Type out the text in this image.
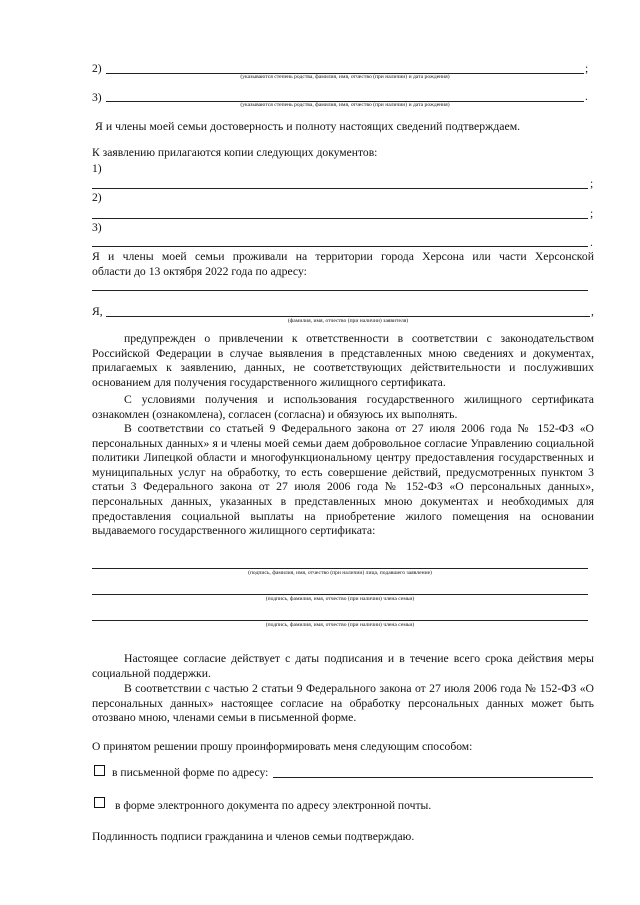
2)	;
(указываются степень родства, фамилия, имя, отчество (при наличии) и дата рождения)
3)	.
(указываются степень родства, фамилия, имя, отчество (при наличии) и дата рождения)
Я и члены моей семьи достоверность и полноту настоящих сведений подтверждаем.
К заявлению прилагаются копии следующих документов:
1)
;
2)
;
3)
.
Я и члены моей семьи проживали на территории города Херсона или части Херсонской
области до 13 октября 2022 года по адресу:
Я,	,
(фамилия, имя, отчество (при наличии) заявителя)
предупрежден о привлечении к ответственности в соответствии с законодательством Российской Федерации в случае выявления в представленных мною сведениях и документах, прилагаемых к заявлению, данных, не соответствующих действительности и послуживших основанием для получения государственного жилищного сертификата.
С условиями получения и использования государственного жилищного сертификата ознакомлен (ознакомлена), согласен (согласна) и обязуюсь их выполнять.
В соответствии со статьей 9 Федерального закона от 27 июля 2006 года № 152-ФЗ «О персональных данных» я и члены моей семьи даем добровольное согласие Управлению социальной политики Липецкой области и многофункциональному центру предоставления государственных и муниципальных услуг на обработку, то есть совершение действий, предусмотренных пунктом 3 статьи 3 Федерального закона от 27 июля 2006 года № 152-ФЗ «О персональных данных», персональных данных, указанных в представленных мною документах и необходимых для предоставления социальной выплаты на приобретение жилого помещения на основании выдаваемого государственного жилищного сертификата:
(подпись, фамилия, имя, отчество (при наличии) лица, подавшего заявление)
(подпись, фамилия, имя, отчество (при наличии) члена семьи)
(подпись, фамилия, имя, отчество (при наличии) члена семьи)
Настоящее согласие действует с даты подписания и в течение всего срока действия меры социальной поддержки.
В соответствии с частью 2 статьи 9 Федерального закона от 27 июля 2006 года № 152-ФЗ «О персональных данных» настоящее согласие на обработку персональных данных может быть отозвано мною, членами семьи в письменной форме.
О принятом решении прошу проинформировать меня следующим способом:
в письменной форме по адресу:
в форме электронного документа по адресу электронной почты.
Подлинность подписи гражданина и членов семьи подтверждаю.
